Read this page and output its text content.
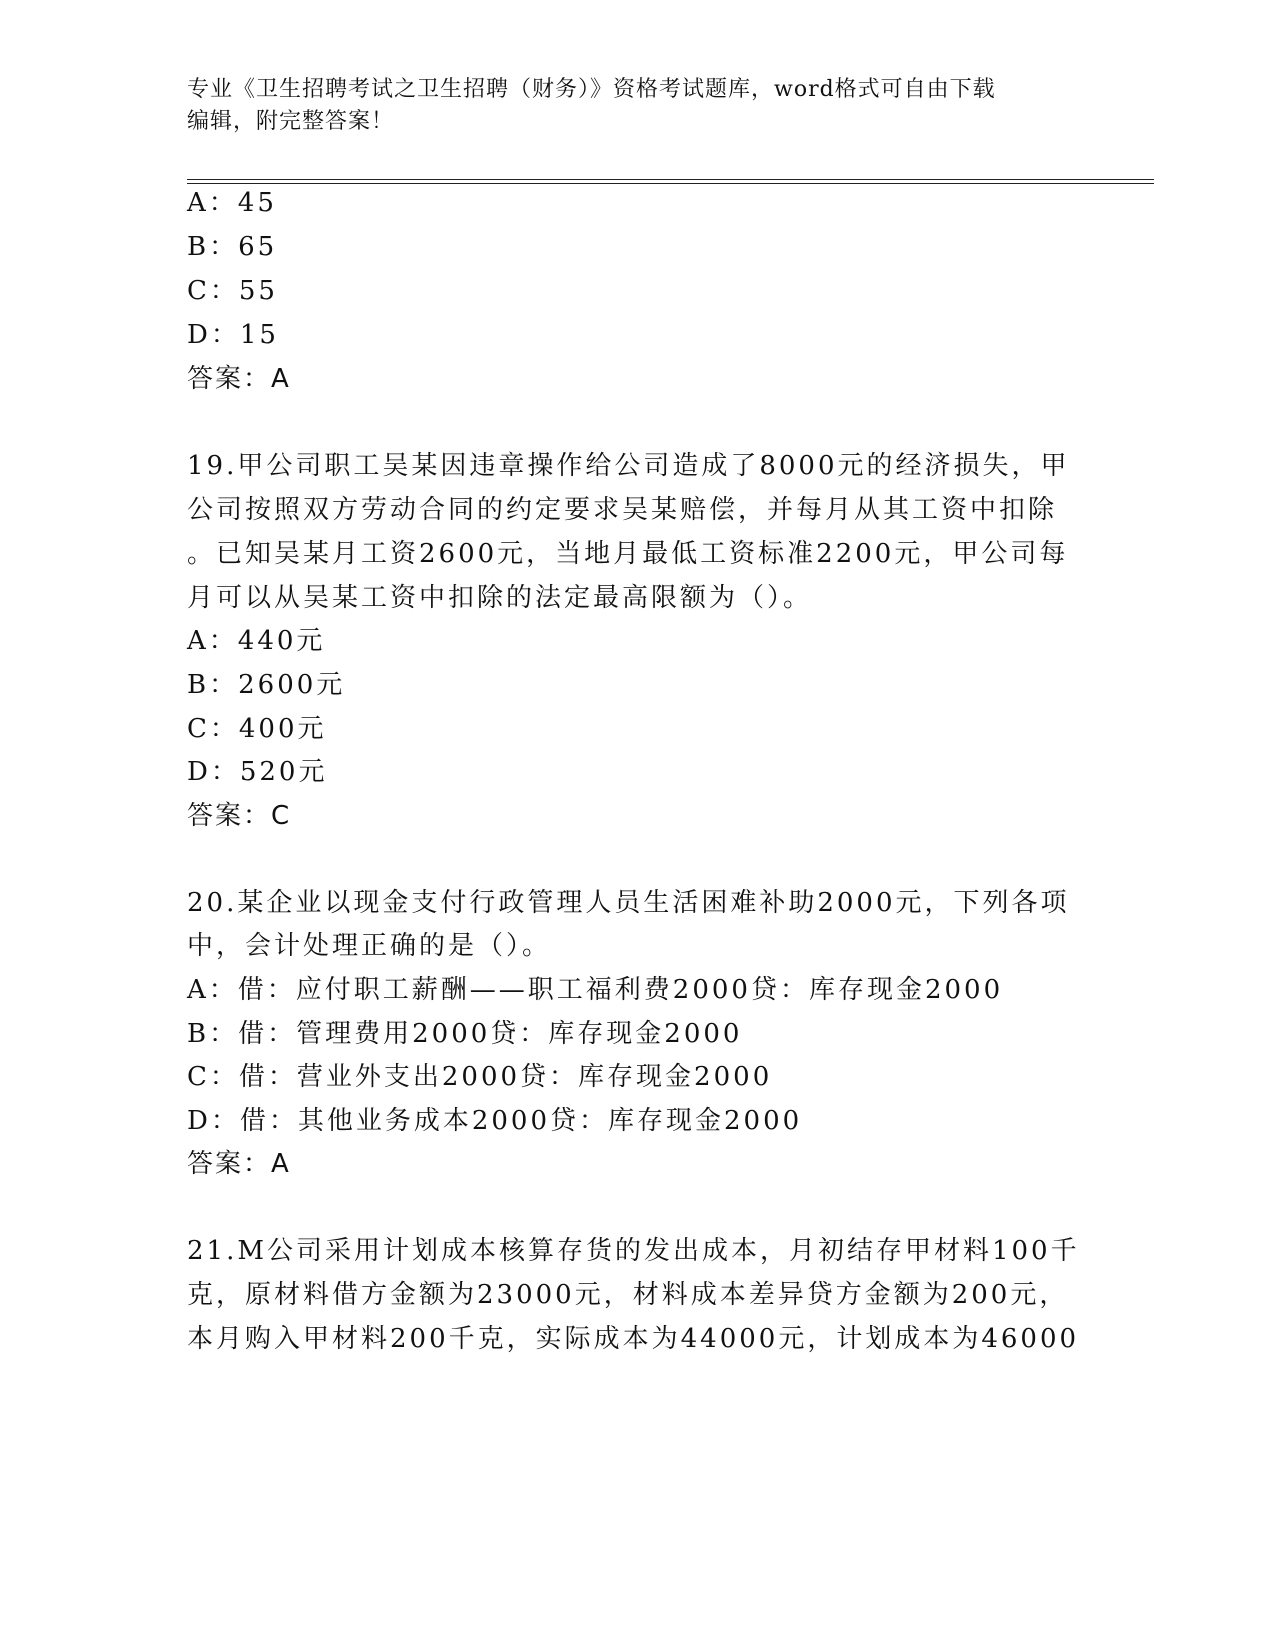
专业《卫生招聘考试之卫生招聘（财务）》资格考试题库，word格式可自由下载
编辑，附完整答案！
A：45
B：65
C：55
D：15
答案：A
19.甲公司职工吴某因违章操作给公司造成了8000元的经济损失，甲
公司按照双方劳动合同的约定要求吴某赔偿，并每月从其工资中扣除
。已知吴某月工资2600元，当地月最低工资标准2200元，甲公司每
月可以从吴某工资中扣除的法定最高限额为（）。
A：440元
B：2600元
C：400元
D：520元
答案：C
20.某企业以现金支付行政管理人员生活困难补助2000元，下列各项
中，会计处理正确的是（）。
A：借：应付职工薪酬——职工福利费2000贷：库存现金2000
B：借：管理费用2000贷：库存现金2000
C：借：营业外支出2000贷：库存现金2000
D：借：其他业务成本2000贷：库存现金2000
答案：A
21.M公司采用计划成本核算存货的发出成本，月初结存甲材料100千
克，原材料借方金额为23000元，材料成本差异贷方金额为200元，
本月购入甲材料200千克，实际成本为44000元，计划成本为46000
